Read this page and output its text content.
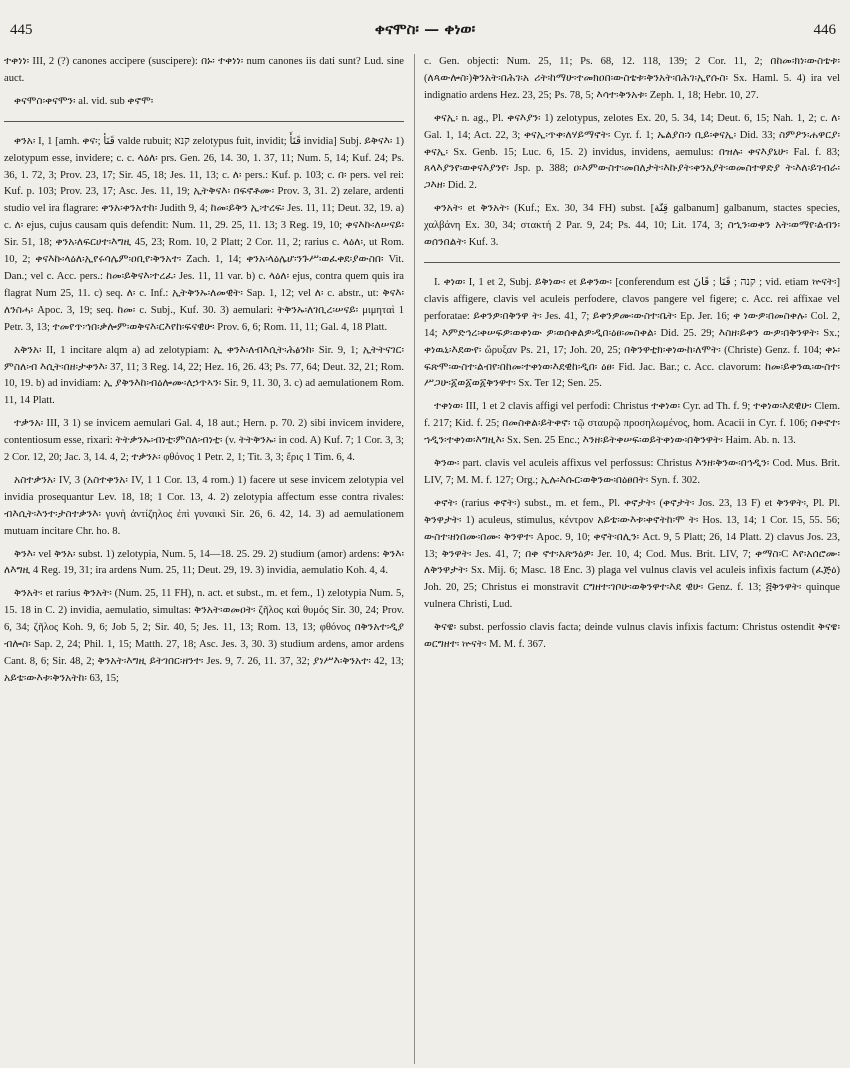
445	ቀናሞስ፡ — ቀነወ፡	446

ተቀነነ፡ III, 2 (?) canones accipere (suscipere): በኑ፡ ተቀነነ፡ num canones iis dati sunt? Lud. sine auct.

ቀናሞስ፡ቀናሞን፡ al. vid. sub ቀኖሞ፡

ቀንአ፡ I, 1 [amh. ቀና፡; قَنَأ valde rubuit; קנא zelotypus fuit, invidit; قَنَأَ invidia] Subj. ይቅናእ፡ 1) zelotypum esse, invidere; c. c. ላዕለ፡ prs. Gen. 26, 14. 30, 1. 37, 11; Num. 5, 14; Kuf. 24; Ps. 36, 1. 72, 3; Prov. 23, 17; Sir. 45, 18; Jes. 11, 13; c. ለ፡ pers.: Kuf. p. 103; c. በ፡ pers. vel rei: Kuf. p. 103; Prov. 23, 17; Asc. Jes. 11, 19; ኢትቅናእ፡ በፍኖቶሙ፡ Prov. 3, 31. 2) zelare, ardenti studio vel ira flagrare: ቀንአ፡ቀንአተከ፡ Judith 9, 4; ከመ፡ይቅን ኢ፡ተረፍ፡ Jes. 11, 11; Deut. 32, 19. a) c. ለ፡ ejus, cujus causam quis defendit: Num. 11, 29. 25, 11. 13; 3 Reg. 19, 10; ቀናእኩ፡ለሠናይ፡ Sir. 51, 18; ቀንአ፡ለፍርሀተ፡እግዚ 45, 23; Rom. 10, 2 Platt; 2 Cor. 11, 2; rarius c. ላዕለ፡, ut Rom. 10, 2; ቀናእኩ፡ላዕለ፡ኢየሩሳሌም፡ዐቢየ፡ቅንአተ፡ Zach. 1, 14; ቀንአ፡ላዕሌሆ፡ንጉሥ፡ወፈቀደ፡ያውስበ፡ Vit. Dan.; vel c. Acc. pers.: ከመ፡ይቅናእ፡ተረፈ፡ Jes. 11, 11 var. b) c. ላዕለ፡ ejus, contra quem quis ira flagrat Num 25, 11. c) seq. ለ፡ c. Inf.: ኢትቅንኡ፡ለመዊት፡ Sap. 1, 12; vel ለ፡ c. abstr., ut: ቅናእ፡ለንስሓ፡ Apoc. 3, 19; seq. ከመ፡ c. Subj., Kuf. 30. 3) aemulari: ትቅንኡ፡ለገቢረ፡ሠናይ፡ μιμηταὶ 1 Petr. 3, 13; ተመየጥ፡ኅበ፡ቃሎም፡ወቅናእ፡ርእየከ፡ፍናዊሁ፡ Prov. 6, 6; Rom. 11, 11; Gal. 4, 18 Platt.

አቅንአ፡ II, 1 incitare alqm a) ad zelotypiam: ኢ ቀንእ፡ለብእሲት፡ሕፅንከ፡ Sir. 9, 1; ኢትትናገር፡ምስለ፡ብ እሲት፡በዘ፡ታቀንእ፡ 37, 11; 3 Reg. 14, 22; Hez. 16, 26. 43; Ps. 77, 64; Deut. 32, 21; Rom. 10, 19. b) ad invidiam: ኢ ያቅንእከ፡ብዕሎሙ፡ለኃጥኣን፡ Sir. 9, 11. 30, 3. c) ad aemulationem Rom. 11, 14 Platt.

ተቃንአ፡ III, 3 1) se invicem aemulari Gal. 4, 18 aut.; Hern. p. 70. 2) sibi invicem invidere, contentiosum esse, rixari: ትትቃንኡ፡ብነቲ፡ምስለ፡ብነቲ፡ (v. ትትቅንኡ፡ in cod. A) Kuf. 7; 1 Cor. 3, 3; 2 Cor. 12, 20; Jac. 3, 14. 4, 2; ተቃንኦ፡ φθόνος 1 Petr. 2, 1; Tit. 3, 3; ἔρις 1 Tim. 6, 4.

አስተቃንአ፡ IV, 3 (አስተቀንአ፡ IV, 1 1 Cor. 13, 4 rom.) 1) facere ut sese invicem zelotypia vel invidia prosequantur Lev. 18, 18; 1 Cor. 13, 4. 2) zelotypia affectum esse contra rivales: ብእሲት፡እንተ፡ታስተቃንእ፡ γυνὴ ἀντίζηλος ἐπὶ γυναικὶ Sir. 26, 6. 42, 14. 3) ad aemulationem mutuam incitare Chr. ho. 8.

ቅንእ፡ vel ቅንአ፡ subst. 1) zelotypia, Num. 5, 14—18. 25. 29. 2) studium (amor) ardens: ቅንእ፡ለእግዚ 4 Reg. 19, 31; ira ardens Num. 25, 11; Deut. 29, 19. 3) invidia, aemulatio Koh. 4, 4.

ቅንአት፡ et rarius ቅንአት፡ (Num. 25, 11 FH), n. act. et subst., m. et fem., 1) zelotypia Num. 5, 15. 18 in C. 2) invidia, aemulatio, simultas: ቅንአት፡ወመዐት፡ ζῆλος καὶ θυμός Sir. 30, 24; Prov. 6, 34; ζῆλος Koh. 9, 6; Job 5, 2; Sir. 40, 5; Jes. 11, 13; Rom. 13, 13; φθόνος በቅንአተ፡ዲያ ብሎስ፡ Sap. 2, 24; Phil. 1, 15; Matth. 27, 18; Asc. Jes. 3, 30. 3) studium ardens, amor ardens Cant. 8, 6; Sir. 48, 2; ቅንአት፡እግዚ ይትገበር፡ዘንተ፡ Jes. 9, 7. 26, 11. 37, 32; ያነሥእ፡ቅንአተ፡ 42, 13; አይቴ፡ውእቱ፡ቅንአትከ፡ 63, 15;

c. Gen. objecti: Num. 25, 11; Ps. 68, 12. 118, 139; 2 Cor. 11, 2; በከመ፡ክነ፡ውስቴቱ፡(ለጳውሎስ፡)ቅንአት፡በሕገ፡አ ሪት፡ከማሁ፡ተመክዐበ፡ውስቴቱ፡ቅንአት፡በሕገ፡ኢየሱስ፡ Sx. Haml. 5. 4) ira vel indignatio ardens Hez. 23, 25; Ps. 78, 5; እሳተ፡ቅንአቱ፡ Zeph. 1, 18; Hebr. 10, 27.

ቀናኢ፡ n. ag., Pl. ቀናእያን፡ 1) zelotypus, zelotes Ex. 20, 5. 34, 14; Deut. 6, 15; Nah. 1, 2; c. ለ፡ Gal. 1, 14; Act. 22, 3; ቀናኢ፡ጥቀ፡ለሃይማኖት፡ Cyr. f. 1; ኤልያስ፡ነ ቢይ፡ቀናኢ፡ Did. 33; ስምዖን፡ሐዋርያ፡ቀናኢ፡ Sx. Genb. 15; Luc. 6, 15. 2) invidus, invidens, aemulus: በዝሉ፡ ቀናእያኒሁ፡ Fal. f. 83; ጸላእያንየ፡ወቀናእያንየ፡ Jsp. p. 388; ዐ፡እምውስተ፡መበለታት፡እኩያት፡ቀንአያት፡ወመስተዋድያ ት፡እለ፡ይገብራ፡ጋእዘ፡ Did. 2.

ቀንአት፡ et ቅንአት፡ (Kuf.; Ex. 30, 34 FH) subst. [قِنّة galbanum] galbanum, stactes species, χαλβάνη Ex. 30, 34; στακτή 2 Par. 9, 24; Ps. 44, 10; Lit. 174, 3; ስኂን፡ወቀን አት፡ወማየ፡ልብን፡ወሰንበልት፡ Kuf. 3.

I. ቀነወ፡ I, 1 et 2, Subj. ይቅነው፡ et ይቀንው፡ [conferendum est קנה ; قَنَا ; قَانَ ; vid. etiam ኵናት፡] clavis affigere, clavis vel aculeis perfodere, clavos pangere vel figere; c. Acc. rei affixae vel perforatae: ይቀንዎ፡በቅንዋ ት፡ Jes. 41, 7; ይቀንዎሙ፡ውስተ፡ቤት፡ Ep. Jer. 16; ቀ ነውዎ፡በመስቀሉ፡ Col. 2, 14; እምድኅረ፡ቀሠፍዎ፡ወቀነው ዎ፡ወሰቀልዎ፡ዲበ፡ዕፀ፡መስቀል፡ Did. 25. 29; እስዘ፡ይቀን ውዎ፡በቅንዋት፡ Sx.; ቀነዉኒ፡እደውየ፡ ὤρυξαν Ps. 21, 17; Joh. 20, 25; በቅንዋቲክ፡ቀነውከ፡ለሞት፡ (Christe) Genz. f. 104; ቀኑ፡ፍጽሞ፡ውስተ፡ልብየ፡በከመ፡ተቀነወ፡እደዊከ፡ዲበ፡ ዕፀ፡ Fid. Jac. Bar.; c. Acc. clavorum: ከመ፡ይቀንዉ፡ውስተ፡ ሥጋሁ፡፩ወ፩ወ፩ቅንዋተ፡ Sx. Ter 12; Sen. 25.

ተቀነወ፡ III, 1 et 2 clavis affigi vel perfodi: Christus ተቀነወ፡ Cyr. ad Th. f. 9; ተቀነወ፡እደዊሁ፡ Clem. f. 217; Kid. f. 25; በመስቀል፡ይትቀኖ፡ τῷ σταυρῷ προσηλωμένος, hom. Acacii in Cyr. f. 106; በቀኖተ፡ኀዲን፡ተቀነወ፡እግዚእ፡ Sx. Sen. 25 Enc.; እንዘ፡ይትቀሠፍ፡ወይትቀነው፡በቅንዋት፡ Haim. Ab. n. 13.

ቅንው፡ part. clavis vel aculeis affixus vel perfossus: Christus እንዘ፡ቅንው፡በኅዲን፡ Cod. Mus. Brit. LIV, 7; M. M. f. 127; Org.; ኢሉ፡እሱር፡ወቅንው፡በዕፀበት፡ Syn. f. 302.

ቀኖት፡ (rarius ቀኖት፡) subst., m. et fem., Pl. ቀኖታት፡ (ቀኖታት፡ Jos. 23, 13 F) et ቅንዋት፡, Pl. Pl. ቅንዋታት፡ 1) aculeus, stimulus, κέντρον አይቴ፡ውእቱ፡ቀኖትከ፡ሞ ት፡ Hos. 13, 14; 1 Cor. 15, 55. 56; ውስተ፡ዘነበሙ፡በሙ፡ ቅንዋተ፡ Apoc. 9, 10; ቀኖት፡በሊን፡ Act. 9, 5 Platt; 26, 14 Platt. 2) clavus Jos. 23, 13; ቅንዋት፡ Jes. 41, 7; በቀ ኖተ፡አጽንዕዎ፡ Jer. 10, 4; Cod. Mus. Brit. LIV, 7; ቀማስ፡C እየ፡አሰሮሙ፡ለቅንዋታት፡ Sx. Mij. 6; Masc. 18 Enc. 3) plaga vel vulnus clavis vel aculeis infixis factum (ፈጅዕ) Joh. 20, 25; Christus ei monstravit ርግዘተ፡ገቦሁ፡ወቅንዋተ፡እደ ዊሁ፡ Genz. f. 13; ፭ቅንዋት፡ quinque vulnera Christi, Lud.

ቅናዌ፡ subst. perfossio clavis facta; deinde vulnus clavis infixis factum: Christus ostendit ቅናዌ፡ወርግዘተ፡ ኵናት፡ M. M. f. 367.
